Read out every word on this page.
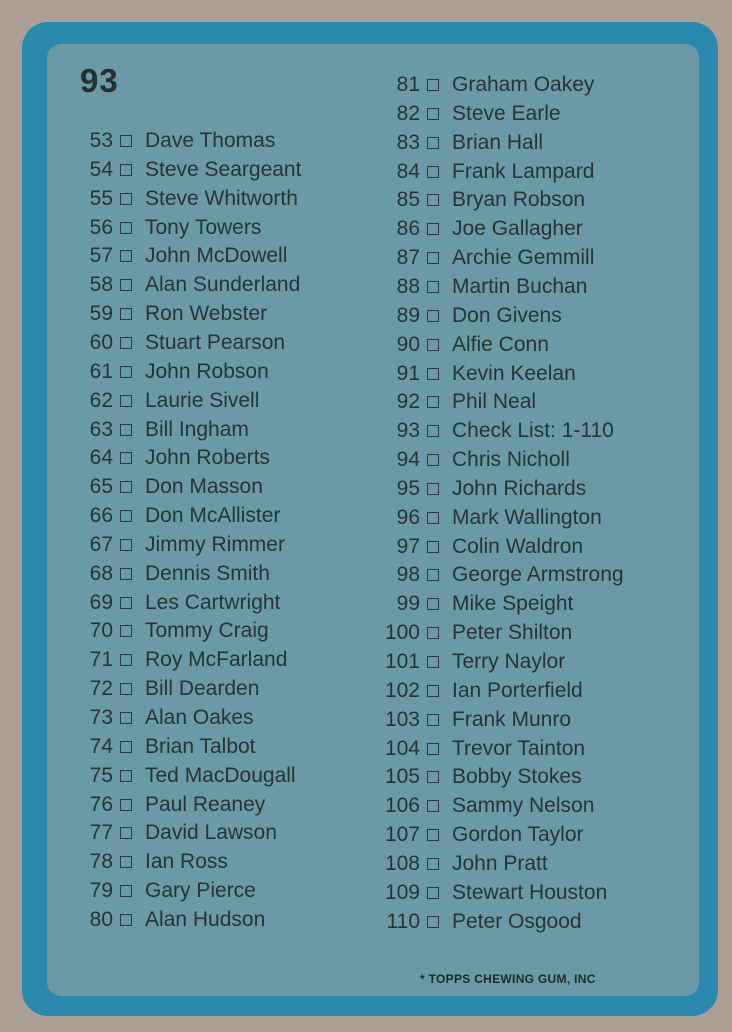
93
53 Dave Thomas
54 Steve Seargeant
55 Steve Whitworth
56 Tony Towers
57 John McDowell
58 Alan Sunderland
59 Ron Webster
60 Stuart Pearson
61 John Robson
62 Laurie Sivell
63 Bill Ingham
64 John Roberts
65 Don Masson
66 Don McAllister
67 Jimmy Rimmer
68 Dennis Smith
69 Les Cartwright
70 Tommy Craig
71 Roy McFarland
72 Bill Dearden
73 Alan Oakes
74 Brian Talbot
75 Ted MacDougall
76 Paul Reaney
77 David Lawson
78 Ian Ross
79 Gary Pierce
80 Alan Hudson
81 Graham Oakey
82 Steve Earle
83 Brian Hall
84 Frank Lampard
85 Bryan Robson
86 Joe Gallagher
87 Archie Gemmill
88 Martin Buchan
89 Don Givens
90 Alfie Conn
91 Kevin Keelan
92 Phil Neal
93 Check List: 1-110
94 Chris Nicholl
95 John Richards
96 Mark Wallington
97 Colin Waldron
98 George Armstrong
99 Mike Speight
100 Peter Shilton
101 Terry Naylor
102 Ian Porterfield
103 Frank Munro
104 Trevor Tainton
105 Bobby Stokes
106 Sammy Nelson
107 Gordon Taylor
108 John Pratt
109 Stewart Houston
110 Peter Osgood
* TOPPS CHEWING GUM, INC
